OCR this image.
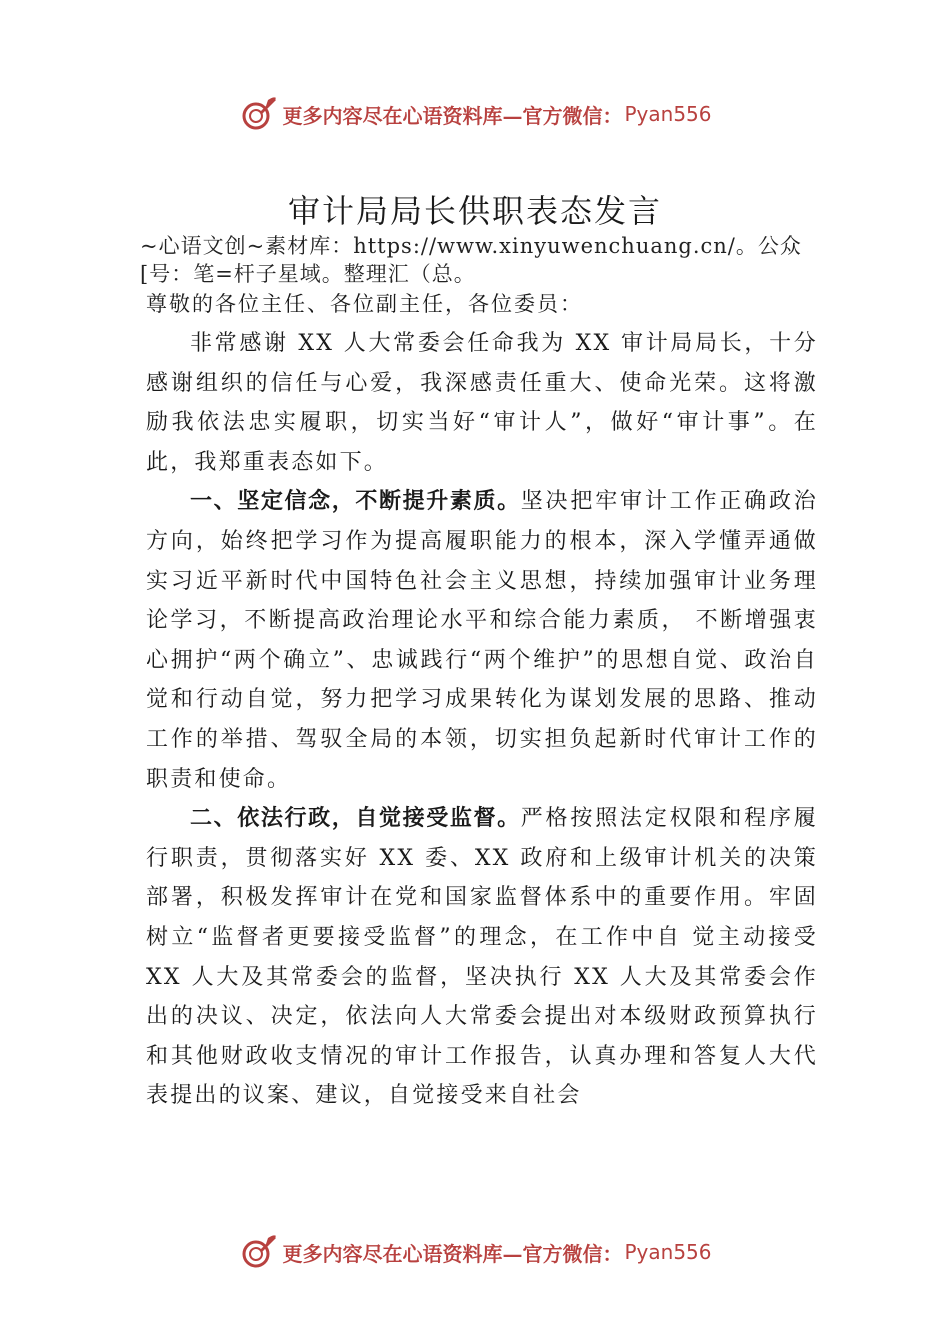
更多内容尽在心语资料库—官方微信： Pyan556
审计局局长供职表态发言
~心语文创~素材库：https://www.xinyuwenchuang.cn/。公众
[号：笔=杆子星域。整理汇（总。
尊敬的各位主任、各位副主任，各位委员：

非常感谢 XX 人大常委会任命我为 XX 审计局局长，十分感谢组织的信任与心爱，我深感责任重大、使命光荣。这将激励我依法忠实履职，切实当好“审计人”，做好“审计事”。在此，我郑重表态如下。

一、坚定信念，不断提升素质。坚决把牢审计工作正确政治方向，始终把学习作为提高履职能力的根本，深入学懂弄通做实习近平新时代中国特色社会主义思想，持续加强审计业务理论学习，不断提高政治理论水平和综合能力素质， 不断增强衷心拥护“两个确立”、忠诚践行“两个维护”的思想自觉、政治自觉和行动自觉，努力把学习成果转化为谋划发展的思路、推动工作的举措、驾驭全局的本领，切实担负起新时代审计工作的职责和使命。

二、依法行政，自觉接受监督。严格按照法定权限和程序履行职责，贯彻落实好 XX 委、XX 政府和上级审计机关的决策部署，积极发挥审计在党和国家监督体系中的重要作用。牢固树立“监督者更要接受监督”的理念，在工作中自 觉主动接受 XX 人大及其常委会的监督，坚决执行 XX 人大及其常委会作出的决议、决定，依法向人大常委会提出对本级财政预算执行和其他财政收支情况的审计工作报告，认真办理和答复人大代表提出的议案、建议，自觉接受来自社会

更多内容尽在心语资料库—官方微信： Pyan556
